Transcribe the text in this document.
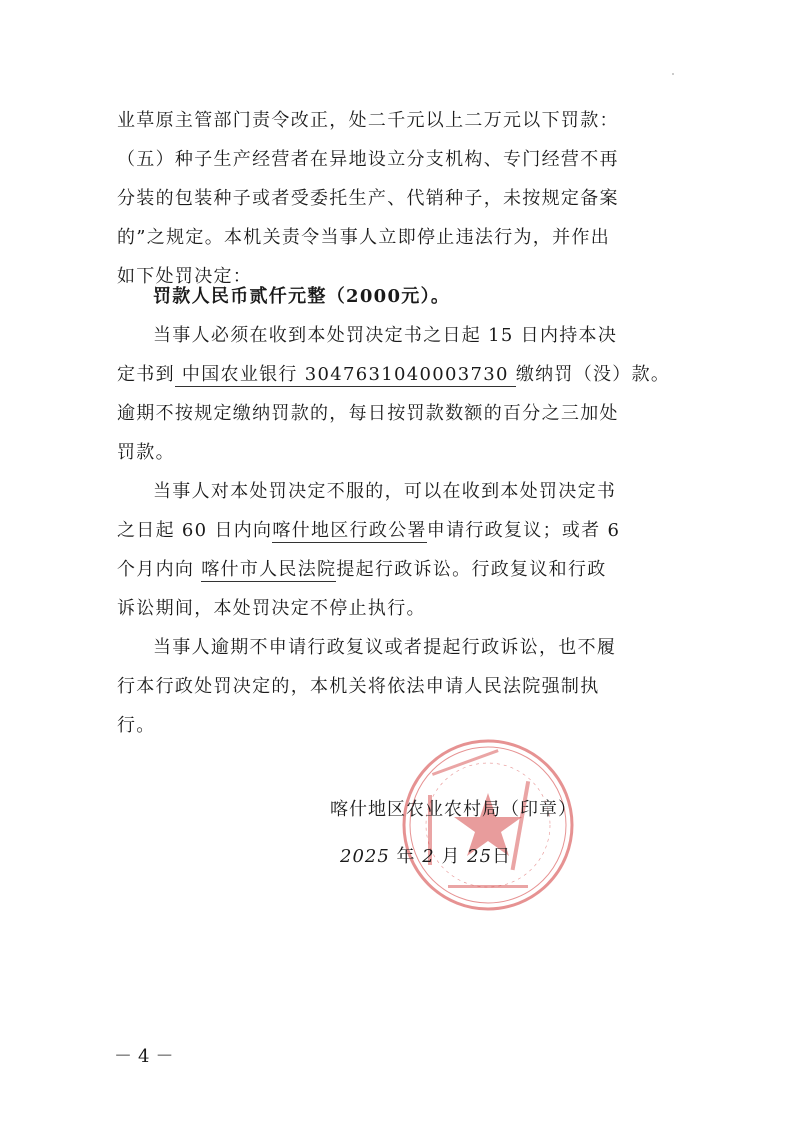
业草原主管部门责令改正，处二千元以上二万元以下罚款：
（五）种子生产经营者在异地设立分支机构、专门经营不再
分装的包装种子或者受委托生产、代销种子，未按规定备案
的”之规定。本机关责令当事人立即停止违法行为，并作出
如下处罚决定：
罚款人民币贰仟元整（2000元）。
当事人必须在收到本处罚决定书之日起 15 日内持本决
定书到 中国农业银行 3047631040003730 缴纳罚（没）款。
逾期不按规定缴纳罚款的，每日按罚款数额的百分之三加处
罚款。
当事人对本处罚决定不服的，可以在收到本处罚决定书
之日起 60 日内向喀什地区行政公署申请行政复议；或者 6
个月内向 喀什市人民法院提起行政诉讼。行政复议和行政
诉讼期间，本处罚决定不停止执行。
当事人逾期不申请行政复议或者提起行政诉讼，也不履
行本行政处罚决定的，本机关将依法申请人民法院强制执
行。
喀什地区农业农村局（印章）
2025 年 2 月 25日
－4－
